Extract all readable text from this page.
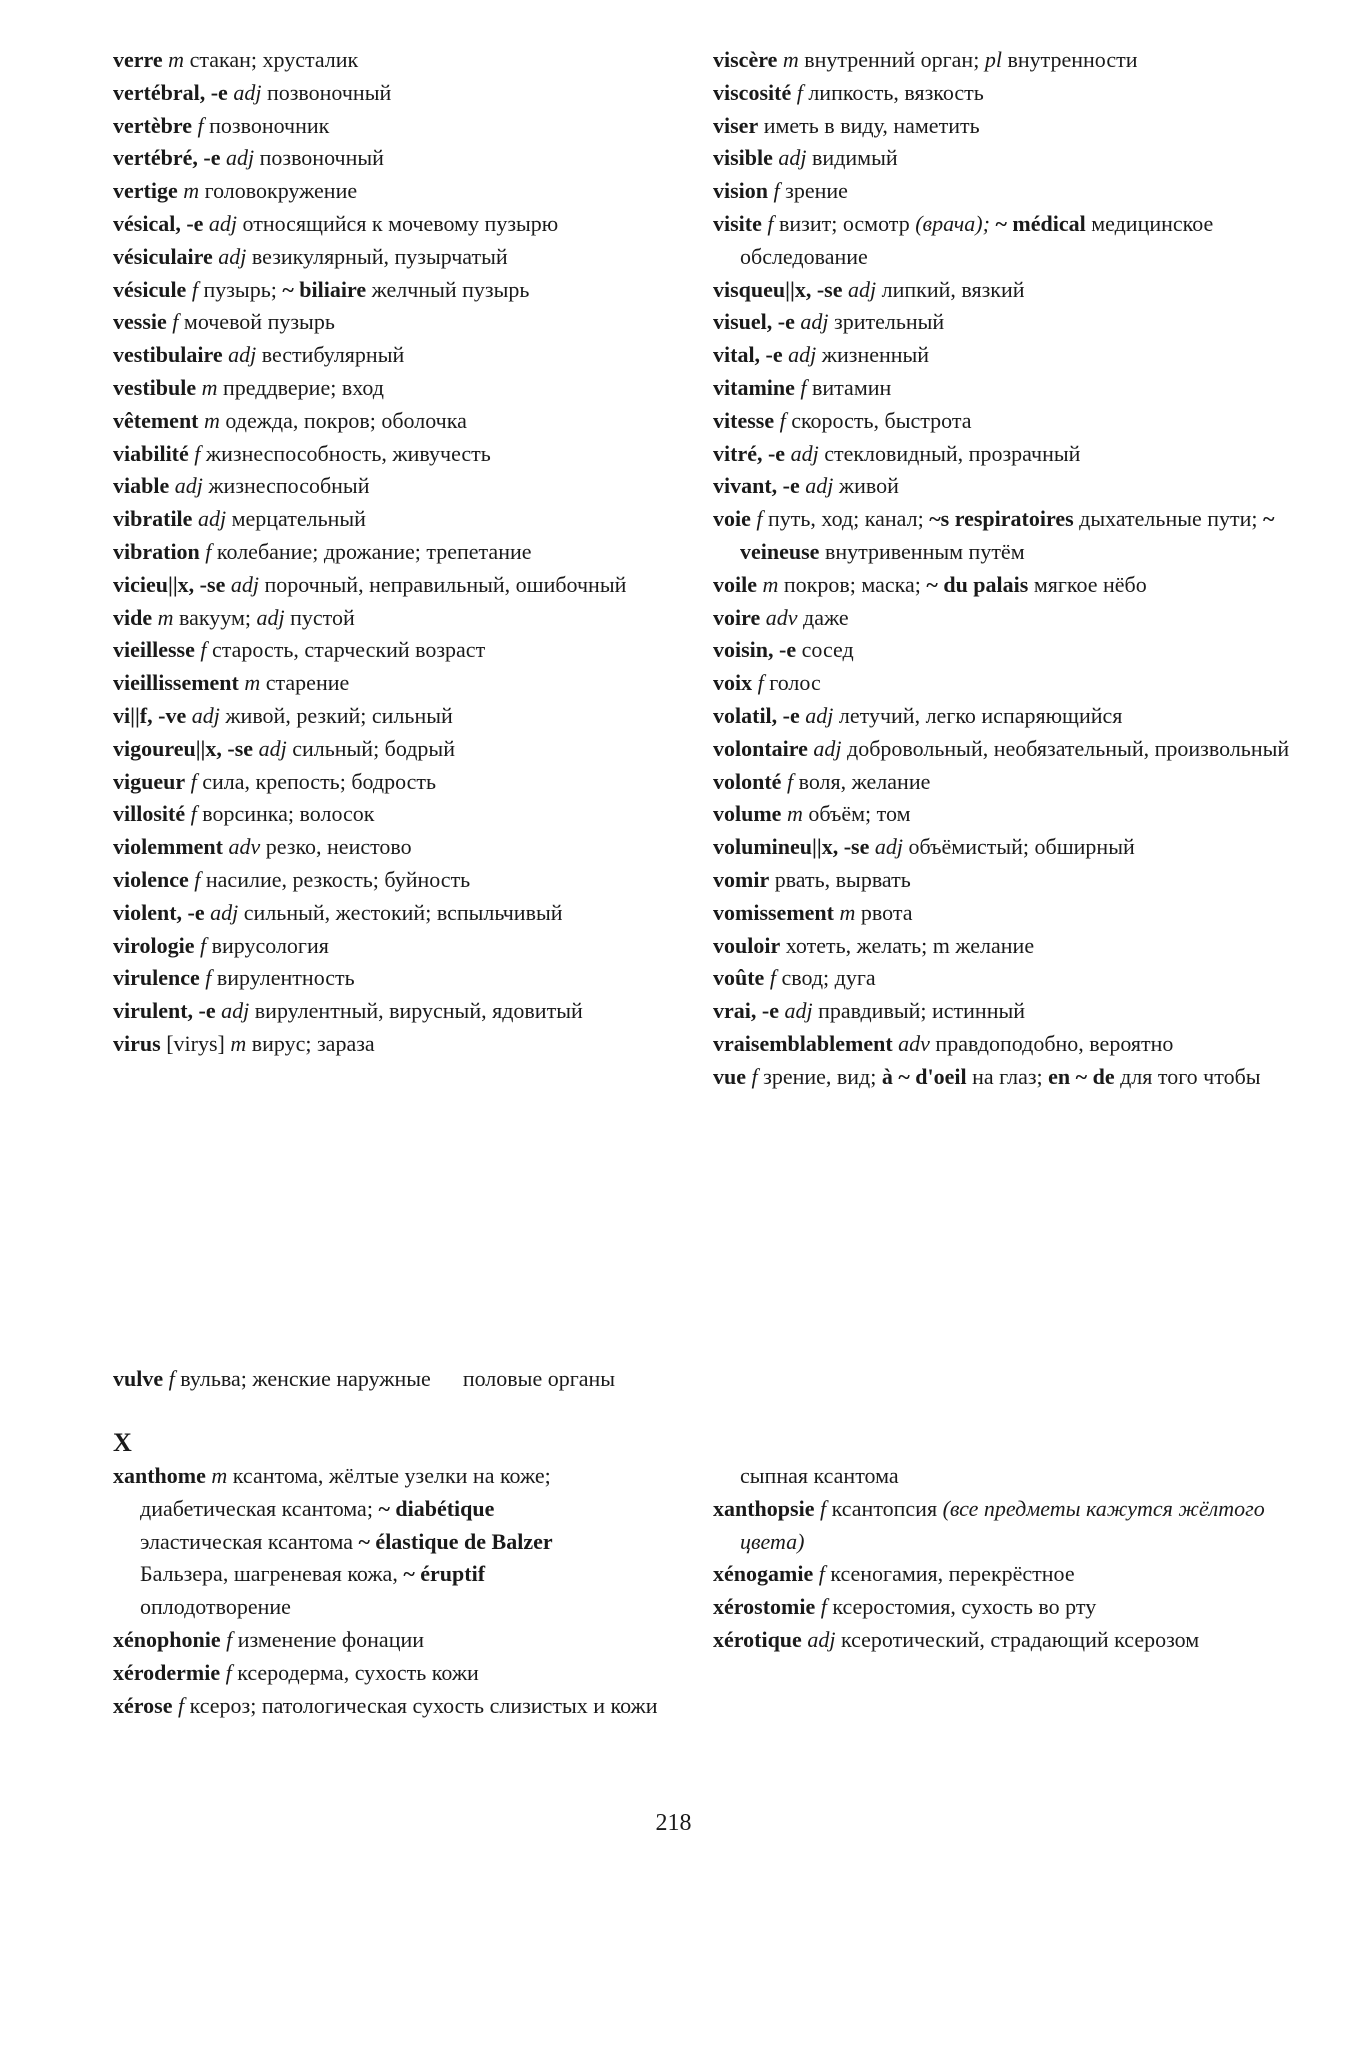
verre m стакан; хрусталик
vertébral, -e adj позвоночный
vertèbre f позвоночник
vertébré, -e adj позвоночный
vertige m головокружение
vésical, -e adj относящийся к мочевому пузырю
vésiculaire adj везикулярный, пузырчатый
vésicule f пузырь; ~ biliaire желчный пузырь
vessie f мочевой пузырь
vestibulaire adj вестибулярный
vestibule m преддверие; вход
vêtement m одежда, покров; оболочка
viabilité f жизнеспособность, живучесть
viable adj жизнеспособный
vibratile adj мерцательный
vibration f колебание; дрожание; трепетание
vicieu||x, -se adj порочный, неправильный, ошибочный
vide m вакуум; adj пустой
vieillesse f старость, старческий возраст
vieillissement m старение
vi||f, -ve adj живой, резкий; сильный
vigoureu||x, -se adj сильный; бодрый
vigueur f сила, крепость; бодрость
villosité f ворсинка; волосок
violemment adv резко, неистово
violence f насилие, резкость; буйность
violent, -e adj сильный, жестокий; вспыльчивый
virologie f вирусология
virulence f вирулентность
virulent, -e adj вирулентный, вирусный, ядовитый
virus [virys] m вирус; зараза
viscère m внутренний орган; pl внутренности
viscosité f липкость, вязкость
viser иметь в виду, наметить
visible adj видимый
vision f зрение
visite f визит; осмотр (врача); ~ médical медицинское обследование
visqueu||x, -se adj липкий, вязкий
visuel, -e adj зрительный
vital, -e adj жизненный
vitamine f витамин
vitesse f скорость, быстрота
vitré, -e adj стекловидный, прозрачный
vivant, -e adj живой
voie f путь, ход; канал; ~s respiratoires дыхательные пути; ~ veineuse внутривенным путём
voile m покров; маска; ~ du palais мягкое нёбо
voire adv даже
voisin, -e сосед
voix f голос
volatil, -e adj летучий, легко испаряющийся
volontaire adj добровольный, необязательный, произвольный
volonté f воля, желание
volume m объём; том
volumineu||x, -se adj объёмистый; обширный
vomir рвать, вырвать
vomissement m рвота
vouloir хотеть, желать; m желание
voûte f свод; дуга
vrai, -e adj правдивый; истинный
vraisemblablement adv правдоподобно, вероятно
vue f зрение, вид; à ~ d'oeil на глаз; en ~ de для того чтобы
vulve f вульва; женские наружные половые органы
X
xanthome m ксантома, жёлтые узелки на коже;
диабетическая ксантома; ~ diabétique
эластическая ксантома ~ élastique de Balzer
Бальзера, шагреневая кожа, ~ éruptif
оплодотворение
xénophonie f изменение фонации
xérodermie f ксеродерма, сухость кожи
xérose f ксероз; патологическая сухость слизистых и кожи
сыпная ксантома
xanthopsie f ксантопсия (все предметы кажутся жёлтого цвета)
xénogamie f ксеногамия, перекрёстное
xérostomie f ксеростомия, сухость во рту
xérotique adj ксеротический, страдающий ксерозом
218
